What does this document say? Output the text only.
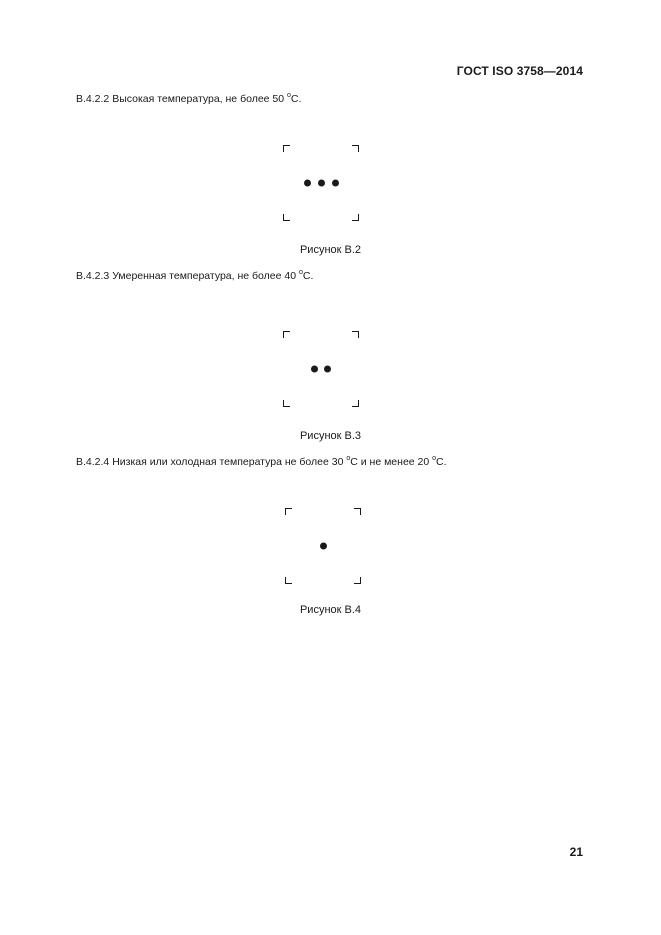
ГОСТ ISO 3758—2014
В.4.2.2 Высокая температура, не более 50 $^о$С.
Рисунок В.2
В.4.2.3 Умеренная температура, не более 40 $^о$С.
Рисунок В.3
В.4.2.4 Низкая или холодная температура не более 30 $^о$С и не менее 20 $^о$С.
Рисунок В.4
21
